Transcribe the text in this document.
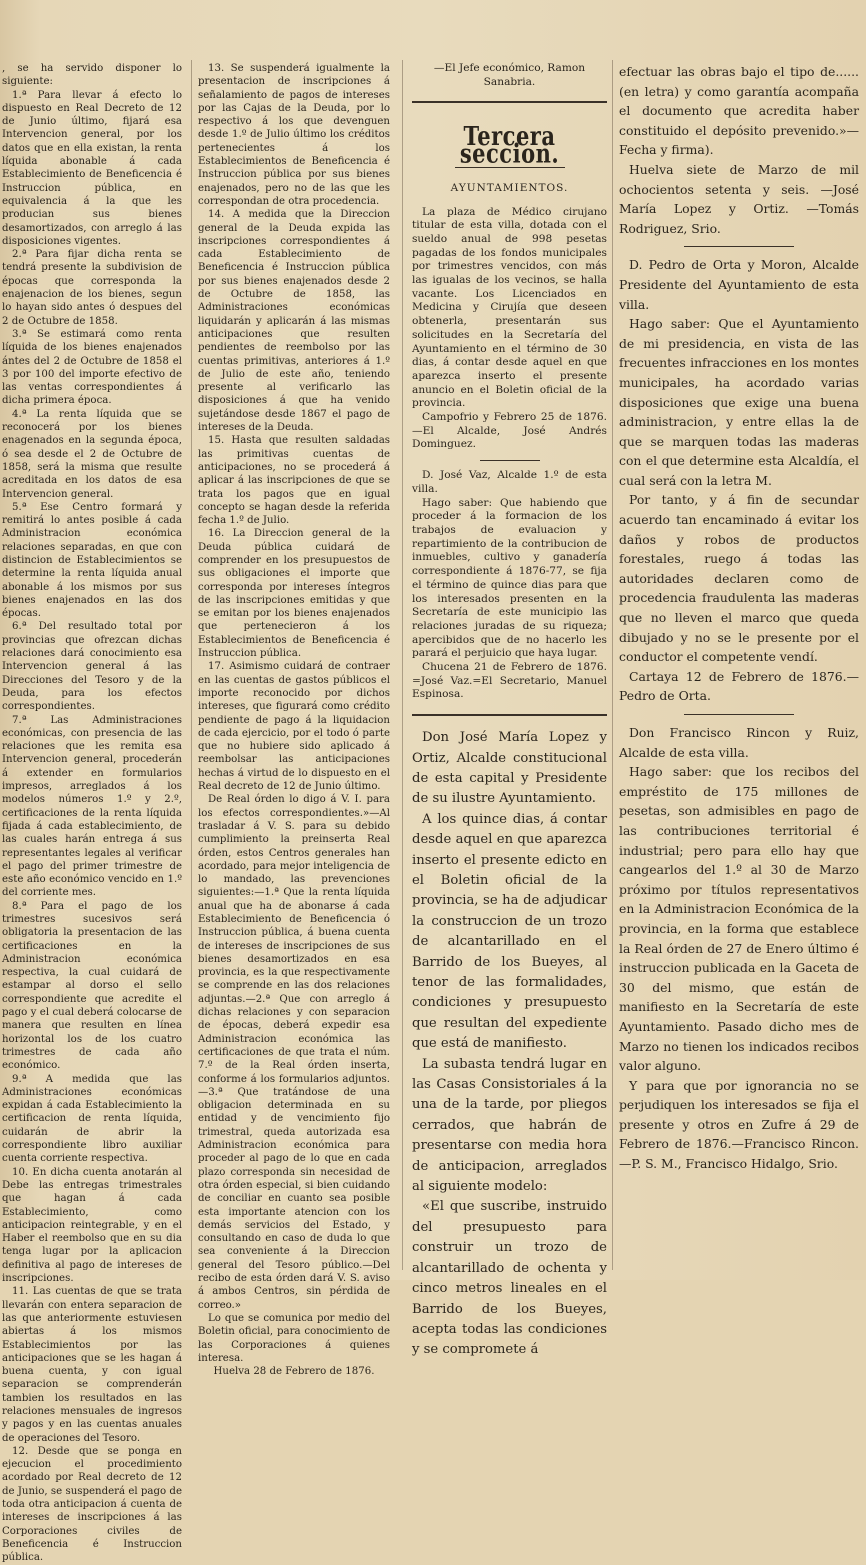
, se ha servido disponer lo siguiente:

1.ª Para llevar á efecto lo dispuesto en Real Decreto de 12 de Junio último, fijará esa Intervencion general, por los datos que en ella existan, la renta líquida abonable á cada Establecimiento de Beneficencia é Instruccion pública, en equivalencia á la que les producian sus bienes desamortizados, con arreglo á las disposiciones vigentes.

2.ª Para fijar dicha renta se tendrá presente la subdivision de épocas que corresponda la enajenacion de los bienes, segun lo hayan sido antes ó despues del 2 de Octubre de 1858.

3.ª Se estimará como renta líquida de los bienes enajenados ántes del 2 de Octubre de 1858 el 3 por 100 del importe efectivo de las ventas correspondientes á dicha primera época.

4.ª La renta líquida que se reconocerá por los bienes enagenados en la segunda época, ó sea desde el 2 de Octubre de 1858, será la misma que resulte acreditada en los datos de esa Intervencion general.

5.ª Ese Centro formará y remitirá lo antes posible á cada Administracion económica relaciones separadas, en que con distincion de Establecimientos se determine la renta líquida anual abonable á los mismos por sus bienes enajenados en las dos épocas.

6.ª Del resultado total por provincias que ofrezcan dichas relaciones dará conocimiento esa Intervencion general á las Direcciones del Tesoro y de la Deuda, para los efectos correspondientes.

7.ª Las Administraciones económicas, con presencia de las relaciones que les remita esa Intervencion general, procederán á extender en formularios impresos, arreglados á los modelos números 1.º y 2.º, certificaciones de la renta líquida fijada á cada establecimiento, de las cuales harán entrega á sus representantes legales al verificar el pago del primer trimestre de este año económico vencido en 1.º del corriente mes.

8.ª Para el pago de los trimestres sucesivos será obligatoria la presentacion de las certificaciones en la Administracion económica respectiva, la cual cuidará de estampar al dorso el sello correspondiente que acredite el pago y el cual deberá colocarse de manera que resulten en línea horizontal los de los cuatro trimestres de cada año económico.

9.ª A medida que las Administraciones económicas expidan á cada Establecimiento la certificacion de renta líquida, cuidarán de abrir la correspondiente libro auxiliar cuenta corriente respectiva.

10. En dicha cuenta anotarán al Debe las entregas trimestrales que hagan á cada Establecimiento, como anticipacion reintegrable, y en el Haber el reembolso que en su dia tenga lugar por la aplicacion definitiva al pago de intereses de inscripciones.

11. Las cuentas de que se trata llevarán con entera separacion de las que anteriormente estuviesen abiertas á los mismos Establecimientos por las anticipaciones que se les hagan á buena cuenta, y con igual separacion se comprenderán tambien los resultados en las relaciones mensuales de ingresos y pagos y en las cuentas anuales de operaciones del Tesoro.

12. Desde que se ponga en ejecucion el procedimiento acordado por Real decreto de 12 de Junio, se suspenderá el pago de toda otra anticipacion á cuenta de intereses de inscripciones á las Corporaciones civiles de Beneficencia é Instruccion pública.

13. Se suspenderá igualmente la presentacion de inscripciones á señalamiento de pagos de intereses por las Cajas de la Deuda, por lo respectivo á los que devenguen desde 1.º de Julio último los créditos pertenecientes á los Establecimientos de Beneficencia é Instruccion pública por sus bienes enajenados, pero no de las que les correspondan de otra procedencia.

14. A medida que la Direccion general de la Deuda expida las inscripciones correspondientes á cada Establecimiento de Beneficencia é Instruccion pública por sus bienes enajenados desde 2 de Octubre de 1858, las Administraciones económicas liquidarán y aplicarán á las mismas anticipaciones que resulten pendientes de reembolso por las cuentas primitivas, anteriores á 1.º de Julio de este año, teniendo presente al verificarlo las disposiciones á que ha venido sujetándose desde 1867 el pago de intereses de la Deuda.

15. Hasta que resulten saldadas las primitivas cuentas de anticipaciones, no se procederá á aplicar á las inscripciones de que se trata los pagos que en igual concepto se hagan desde la referida fecha 1.º de Julio.

16. La Direccion general de la Deuda pública cuidará de comprender en los presupuestos de sus obligaciones el importe que corresponda por intereses íntegros de las inscripciones emitidas y que se emitan por los bienes enajenados que pertenecieron á los Establecimientos de Beneficencia é Instruccion pública.

17. Asimismo cuidará de contraer en las cuentas de gastos públicos el importe reconocido por dichos intereses, que figurará como crédito pendiente de pago á la liquidacion de cada ejercicio, por el todo ó parte que no hubiere sido aplicado á reembolsar las anticipaciones hechas á virtud de lo dispuesto en el Real decreto de 12 de Junio último.

De Real órden lo digo á V. I. para los efectos correspondientes.»—Al trasladar á V. S. para su debido cumplimiento la preinserta Real órden, estos Centros generales han acordado, para mejor inteligencia de lo mandado, las prevenciones siguientes:—1.ª Que la renta líquida anual que ha de abonarse á cada Establecimiento de Beneficencia ó Instruccion pública, á buena cuenta de intereses de inscripciones de sus bienes desamortizados en esa provincia, es la que respectivamente se comprende en las dos relaciones adjuntas.—2.ª Que con arreglo á dichas relaciones y con separacion de épocas, deberá expedir esa Administracion económica las certificaciones de que trata el núm. 7.º de la Real órden inserta, conforme á los formularios adjuntos.—3.ª Que tratándose de una obligacion determinada en su entidad y de vencimiento fijo trimestral, queda autorizada esa Administracion económica para proceder al pago de lo que en cada plazo corresponda sin necesidad de otra órden especial, si bien cuidando de conciliar en cuanto sea posible esta importante atencion con los demás servicios del Estado, y consultando en caso de duda lo que sea conveniente á la Direccion general del Tesoro público.—Del recibo de esta órden dará V. S. aviso á ambos Centros, sin pérdida de correo.»

Lo que se comunica por medio del Boletin oficial, para conocimiento de las Corporaciones á quienes interesa.

Huelva 28 de Febrero de 1876.

—El Jefe económico, Ramon Sanabria.

Tercera seccion.
AYUNTAMIENTOS.

La plaza de Médico cirujano titular de esta villa, dotada con el sueldo anual de 998 pesetas pagadas de los fondos municipales por trimestres vencidos, con más las igualas de los vecinos, se halla vacante. Los Licenciados en Medicina y Cirujía que deseen obtenerla, presentarán sus solicitudes en la Secretaría del Ayuntamiento en el término de 30 dias, á contar desde aquel en que aparezca inserto el presente anuncio en el Boletin oficial de la provincia.

Campofrio y Febrero 25 de 1876. —El Alcalde, José Andrés Dominguez.

D. José Vaz, Alcalde 1.º de esta villa.

Hago saber: Que habiendo que proceder á la formacion de los trabajos de evaluacion y repartimiento de la contribucion de inmuebles, cultivo y ganadería correspondiente á 1876-77, se fija el término de quince dias para que los interesados presenten en la Secretaría de este municipio las relaciones juradas de su riqueza; apercibidos que de no hacerlo les parará el perjuicio que haya lugar.

Chucena 21 de Febrero de 1876. =José Vaz.=El Secretario, Manuel Espinosa.

Don José María Lopez y Ortiz, Alcalde constitucional de esta capital y Presidente de su ilustre Ayuntamiento.

A los quince dias, á contar desde aquel en que aparezca inserto el presente edicto en el Boletin oficial de la provincia, se ha de adjudicar la construccion de un trozo de alcantarillado en el Barrido de los Bueyes, al tenor de las formalidades, condiciones y presupuesto que resultan del expediente que está de manifiesto.

La subasta tendrá lugar en las Casas Consistoriales á la una de la tarde, por pliegos cerrados, que habrán de presentarse con media hora de anticipacion, arreglados al siguiente modelo:

«El que suscribe, instruido del presupuesto para construir un trozo de alcantarillado de ochenta y cinco metros lineales en el Barrido de los Bueyes, acepta todas las condiciones y se compromete á

efectuar las obras bajo el tipo de...... (en letra) y como garantía acompaña el documento que acredita haber constituido el depósito prevenido.»—Fecha y firma).

Huelva siete de Marzo de mil ochocientos setenta y seis. —José María Lopez y Ortiz. —Tomás Rodriguez, Srio.

D. Pedro de Orta y Moron, Alcalde Presidente del Ayuntamiento de esta villa.

Hago saber: Que el Ayuntamiento de mi presidencia, en vista de las frecuentes infracciones en los montes municipales, ha acordado varias disposiciones que exige una buena administracion, y entre ellas la de que se marquen todas las maderas con el que determine esta Alcaldía, el cual será con la letra M.

Por tanto, y á fin de secundar acuerdo tan encaminado á evitar los daños y robos de productos forestales, ruego á todas las autoridades declaren como de procedencia fraudulenta las maderas que no lleven el marco que queda dibujado y no se le presente por el conductor el competente vendí.

Cartaya 12 de Febrero de 1876.—Pedro de Orta.

Don Francisco Rincon y Ruiz, Alcalde de esta villa.

Hago saber: que los recibos del empréstito de 175 millones de pesetas, son admisibles en pago de las contribuciones territorial é industrial; pero para ello hay que cangearlos del 1.º al 30 de Marzo próximo por títulos representativos en la Administracion Económica de la provincia, en la forma que establece la Real órden de 27 de Enero último é instruccion publicada en la Gaceta de 30 del mismo, que están de manifiesto en la Secretaría de este Ayuntamiento. Pasado dicho mes de Marzo no tienen los indicados recibos valor alguno.

Y para que por ignorancia no se perjudiquen los interesados se fija el presente y otros en Zufre á 29 de Febrero de 1876.—Francisco Rincon.—P. S. M., Francisco Hidalgo, Srio.
